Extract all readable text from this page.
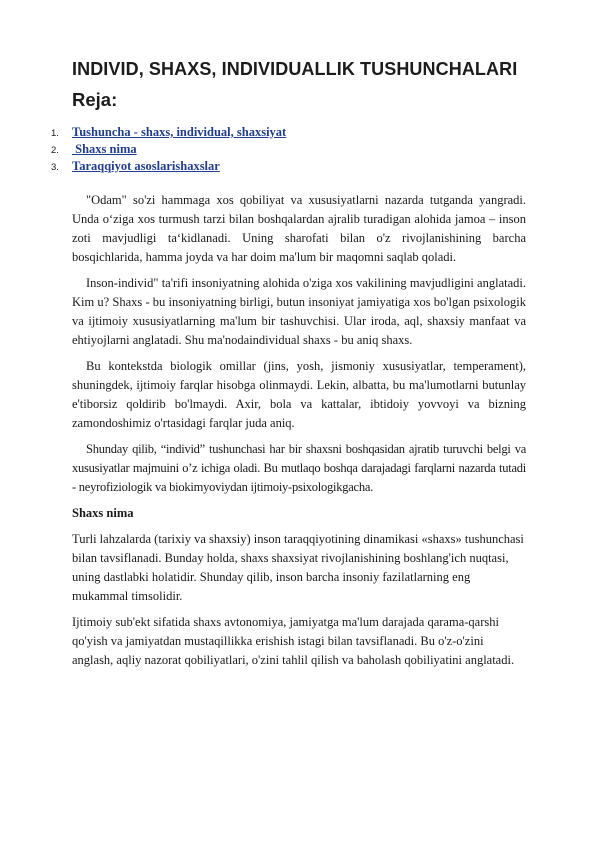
INDIVID, SHAXS, INDIVIDUALLIK TUSHUNCHALARI
Reja:
1. Tushuncha - shaxs, individual, shaxsiyat
2. Shaxs nima
3. Taraqqiyot asoslarishaxslar

"Odam" so'zi hammaga xos qobiliyat va xususiyatlarni nazarda tutganda yangradi. Unda o‘ziga xos turmush tarzi bilan boshqalardan ajralib turadigan alohida jamoa – inson zoti mavjudligi ta‘kidlanadi. Uning sharofati bilan o'z rivojlanishining barcha bosqichlarida, hamma joyda va har doim ma'lum bir maqomni saqlab qoladi.

Inson-individ" ta'rifi insoniyatning alohida o'ziga xos vakilining mavjudligini anglatadi. Kim u? Shaxs - bu insoniyatning birligi, butun insoniyat jamiyatiga xos bo'lgan psixologik va ijtimoiy xususiyatlarning ma'lum bir tashuvchisi. Ular iroda, aql, shaxsiy manfaat va ehtiyojlarni anglatadi. Shu ma'nodaindividual shaxs - bu aniq shaxs.

Bu kontekstda biologik omillar (jins, yosh, jismoniy xususiyatlar, temperament), shuningdek, ijtimoiy farqlar hisobga olinmaydi. Lekin, albatta, bu ma'lumotlarni butunlay e'tiborsiz qoldirib bo'lmaydi. Axir, bola va kattalar, ibtidoiy yovvoyi va bizning zamondoshimiz o'rtasidagi farqlar juda aniq.

Shunday qilib, “individ” tushunchasi har bir shaxsni boshqasidan ajratib turuvchi belgi va xususiyatlar majmuini o’z ichiga oladi. Bu mutlaqo boshqa darajadagi farqlarni nazarda tutadi - neyrofiziologik va biokimyoviydan ijtimoiy-psixologikgacha.

Shaxs nima

Turli lahzalarda (tarixiy va shaxsiy) inson taraqqiyotining dinamikasi «shaxs» tushunchasi bilan tavsiflanadi. Bunday holda, shaxs shaxsiyat rivojlanishining boshlang'ich nuqtasi, uning dastlabki holatidir. Shunday qilib, inson barcha insoniy fazilatlarning eng mukammal timsolidir.

Ijtimoiy sub'ekt sifatida shaxs avtonomiya, jamiyatga ma'lum darajada qarama-qarshi qo'yish va jamiyatdan mustaqillikka erishish istagi bilan tavsiflanadi. Bu o'z-o'zini anglash, aqliy nazorat qobiliyatlari, o'zini tahlil qilish va baholash qobiliyatini anglatadi.
